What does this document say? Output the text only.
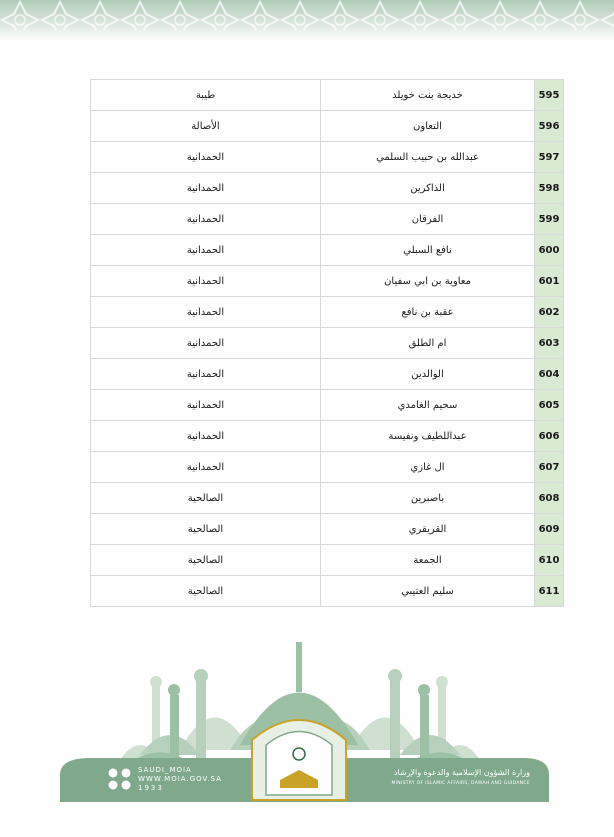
طيبة	خديجة بنت خويلد	595
الأصالة	التعاون	596
الحمدانية	عبدالله بن حبيب السلمي	597
الحمدانية	الذاكرين	598
الحمدانية	الفرقان	599
الحمدانية	نافع السبلي	600
الحمدانية	معاوية بن ابي سفيان	601
الحمدانية	عقبة بن نافع	602
الحمدانية	ام الطلق	603
الحمدانية	الوالدين	604
الحمدانية	سحيم الغامدي	605
الحمدانية	عبداللطيف ونفيسة	606
الحمدانية	ال غازي	607
الصالحية	باصبرين	608
الصالحية	القريقري	609
الصالحية	الجمعة	610
الصالحية	سليم العتيبي	611
SAUDI_MOIA
WWW.MOIA.GOV.SA
1933
وزارة الشؤون الإسلامية والدعوة والإرشاد
MINISTRY OF ISLAMIC AFFAIRS, DAWAH AND GUIDANCE
